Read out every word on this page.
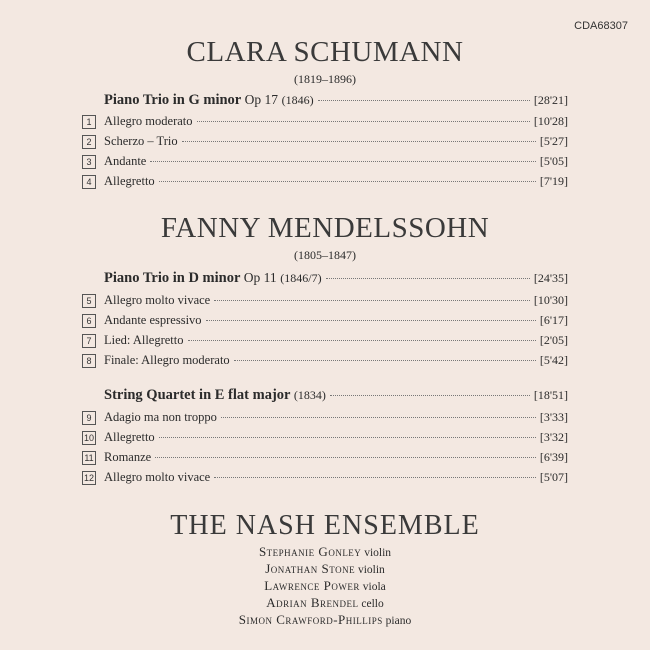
CDA68307
CLARA SCHUMANN
(1819–1896)
Piano Trio in G minor Op 17 (1846)	[28'21]
1	Allegro moderato	[10'28]
2	Scherzo – Trio	[5'27]
3	Andante	[5'05]
4	Allegretto	[7'19]
FANNY MENDELSSOHN
(1805–1847)
Piano Trio in D minor Op 11 (1846/7)	[24'35]
5	Allegro molto vivace	[10'30]
6	Andante espressivo	[6'17]
7	Lied: Allegretto	[2'05]
8	Finale: Allegro moderato	[5'42]
String Quartet in E flat major (1834)	[18'51]
9	Adagio ma non troppo	[3'33]
10 Allegretto	[3'32]
11 Romanze	[6'39]
12 Allegro molto vivace	[5'07]
THE NASH ENSEMBLE
Stephanie Gonley violin
Jonathan Stone violin
Lawrence Power viola
Adrian Brendel cello
Simon Crawford-Phillips piano
